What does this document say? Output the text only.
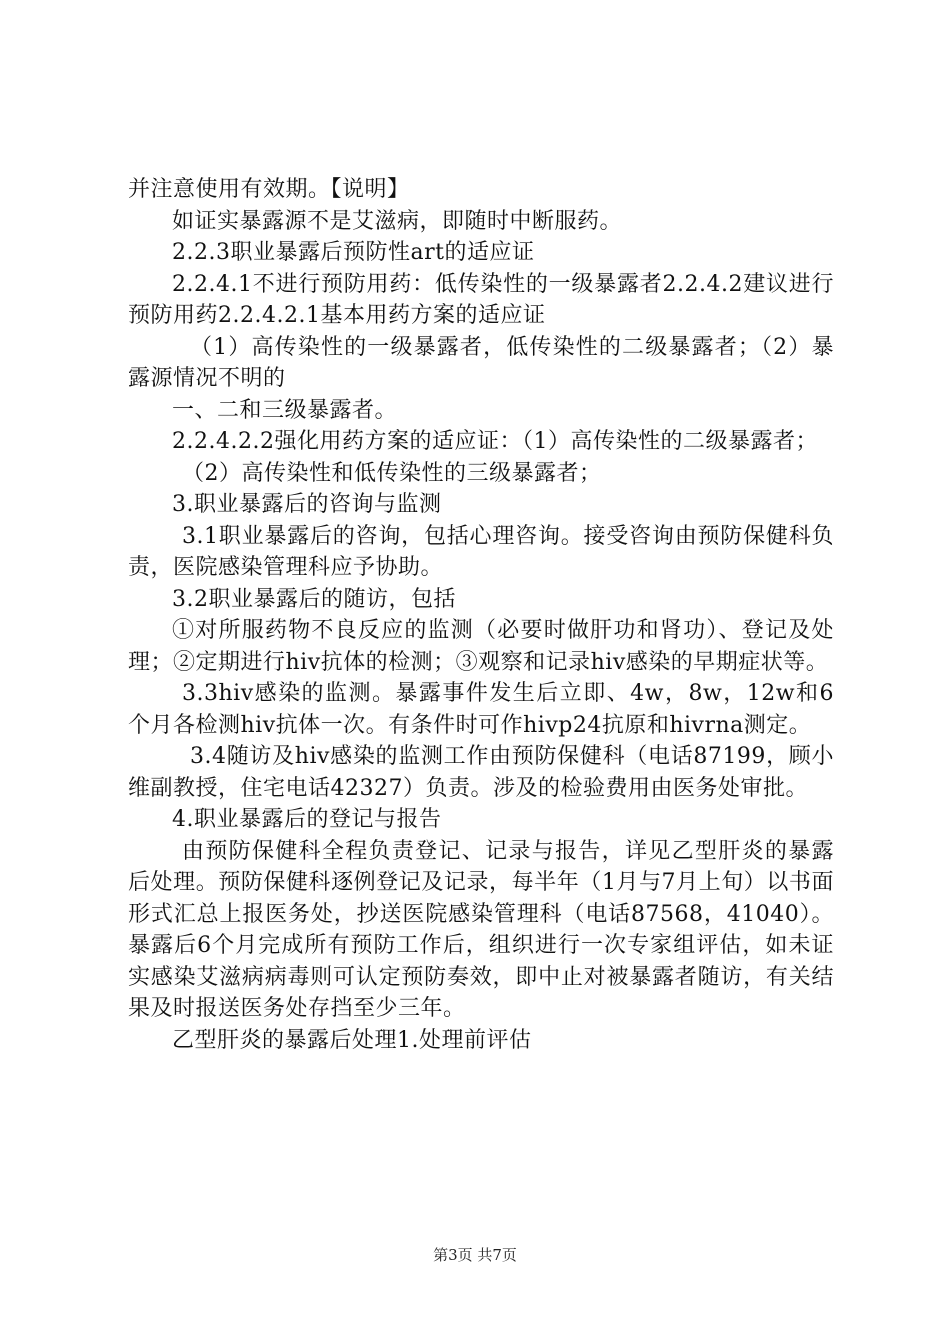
并注意使用有效期。【说明】

如证实暴露源不是艾滋病，即随时中断服药。

2.2.3职业暴露后预防性art的适应证

2.2.4.1不进行预防用药：低传染性的一级暴露者2.2.4.2建议进行预防用药2.2.4.2.1基本用药方案的适应证

（1）高传染性的一级暴露者，低传染性的二级暴露者；（2）暴露源情况不明的

一、二和三级暴露者。

2.2.4.2.2强化用药方案的适应证：（1）高传染性的二级暴露者；

（2）高传染性和低传染性的三级暴露者；

3.职业暴露后的咨询与监测

3.1职业暴露后的咨询，包括心理咨询。接受咨询由预防保健科负责，医院感染管理科应予协助。

3.2职业暴露后的随访，包括

①对所服药物不良反应的监测（必要时做肝功和肾功）、登记及处理；②定期进行hiv抗体的检测；③观察和记录hiv感染的早期症状等。

3.3hiv感染的监测。暴露事件发生后立即、4w，8w，12w和6个月各检测hiv抗体一次。有条件时可作hivp24抗原和hivrna测定。

3.4随访及hiv感染的监测工作由预防保健科（电话87199，顾小维副教授，住宅电话42327）负责。涉及的检验费用由医务处审批。

4.职业暴露后的登记与报告

由预防保健科全程负责登记、记录与报告，详见乙型肝炎的暴露后处理。预防保健科逐例登记及记录，每半年（1月与7月上旬）以书面形式汇总上报医务处，抄送医院感染管理科（电话87568，41040）。暴露后6个月完成所有预防工作后，组织进行一次专家组评估，如未证实感染艾滋病病毒则可认定预防奏效，即中止对被暴露者随访，有关结果及时报送医务处存挡至少三年。

乙型肝炎的暴露后处理1.处理前评估

第3页 共7页
